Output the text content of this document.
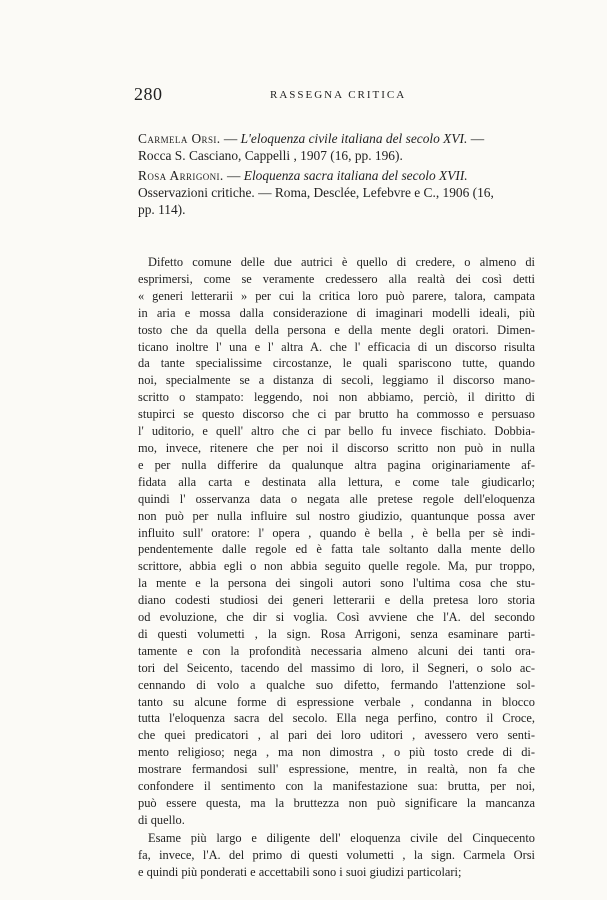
280	RASSEGNA CRITICA
Carmela Orsi. — L'eloquenza civile italiana del secolo XVI. —
Rocca S. Casciano, Cappelli , 1907 (16, pp. 196).
Rosa Arrigoni. — Eloquenza sacra italiana del secolo XVII.
Osservazioni critiche. — Roma, Desclée, Lefebvre e C., 1906 (16,
pp. 114).
Difetto comune delle due autrici è quello di credere, o almeno di
esprimersi, come se veramente credessero alla realtà dei così detti
« generi letterarii » per cui la critica loro può parere, talora, campata
in aria e mossa dalla considerazione di imaginari modelli ideali, più
tosto che da quella della persona e della mente degli oratori. Dimen-
ticano inoltre l' una e l' altra A. che l' efficacia di un discorso risulta
da tante specialissime circostanze, le quali spariscono tutte, quando
noi, specialmente se a distanza di secoli, leggiamo il discorso mano-
scritto o stampato: leggendo, noi non abbiamo, perciò, il diritto di
stupirci se questo discorso che ci par brutto ha commosso e persuaso
l' uditorio, e quell' altro che ci par bello fu invece fischiato. Dobbia-
mo, invece, ritenere che per noi il discorso scritto non può in nulla
e per nulla differire da qualunque altra pagina originariamente af-
fidata alla carta e destinata alla lettura, e come tale giudicarlo;
quindi l' osservanza data o negata alle pretese regole dell'eloquenza
non può per nulla influire sul nostro giudizio, quantunque possa aver
influito sull' oratore: l' opera , quando è bella , è bella per sè indi-
pendentemente dalle regole ed è fatta tale soltanto dalla mente dello
scrittore, abbia egli o non abbia seguito quelle regole. Ma, pur troppo,
la mente e la persona dei singoli autori sono l'ultima cosa che stu-
diano codesti studiosi dei generi letterarii e della pretesa loro storia
od evoluzione, che dir si voglia. Così avviene che l'A. del secondo
di questi volumetti , la sign. Rosa Arrigoni, senza esaminare parti-
tamente e con la profondità necessaria almeno alcuni dei tanti ora-
tori del Seicento, tacendo del massimo di loro, il Segneri, o solo ac-
cennando di volo a qualche suo difetto, fermando l'attenzione sol-
tanto su alcune forme di espressione verbale , condanna in blocco
tutta l'eloquenza sacra del secolo. Ella nega perfino, contro il Croce,
che quei predicatori , al pari dei loro uditori , avessero vero senti-
mento religioso; nega , ma non dimostra , o più tosto crede di di-
mostrare fermandosi sull' espressione, mentre, in realtà, non fa che
confondere il sentimento con la manifestazione sua: brutta, per noi,
può essere questa, ma la bruttezza non può significare la mancanza
di quello.
Esame più largo e diligente dell' eloquenza civile del Cinquecento
fa, invece, l'A. del primo di questi volumetti , la sign. Carmela Orsi
e quindi più ponderati e accettabili sono i suoi giudizi particolari;
